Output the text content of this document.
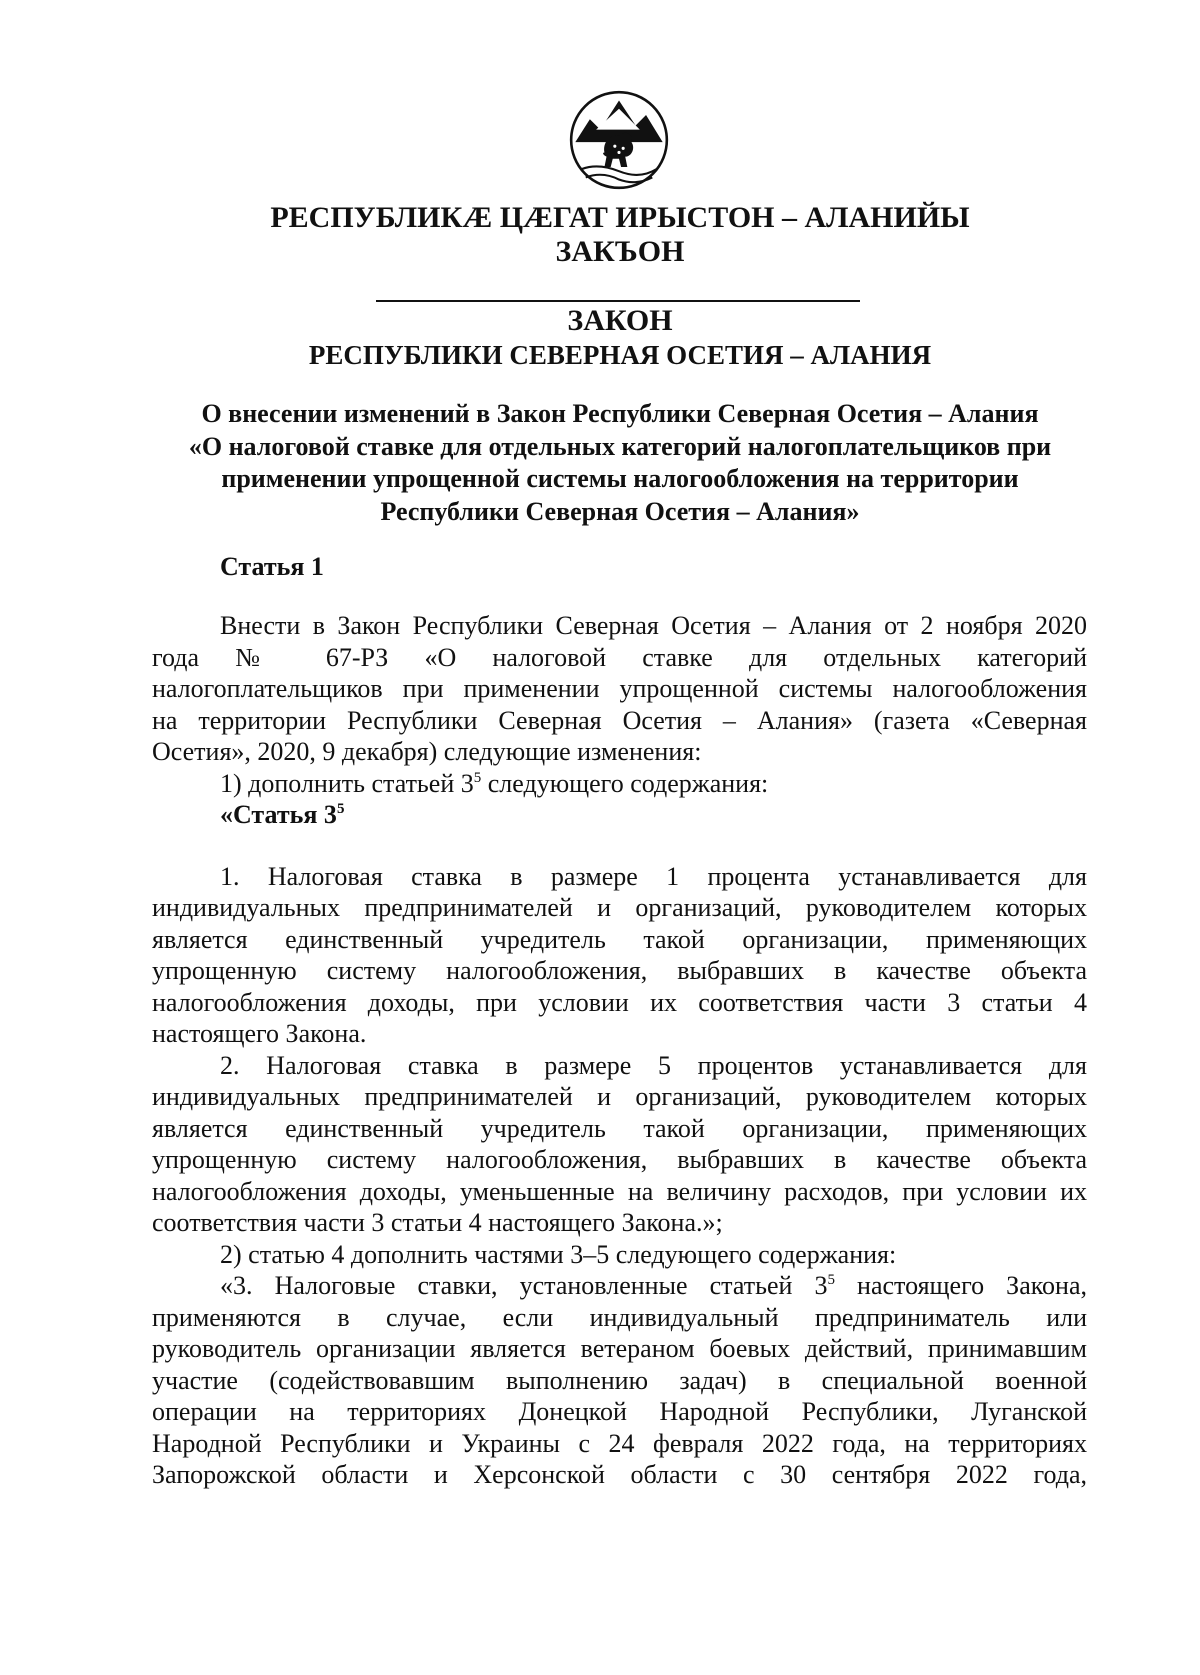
РЕСПУБЛИКӔ ЦӔГАТ ИРЫСТОН – АЛАНИЙЫ
ЗАКЪОН
ЗАКОН
РЕСПУБЛИКИ СЕВЕРНАЯ ОСЕТИЯ – АЛАНИЯ
О внесении изменений в Закон Республики Северная Осетия – Алания
«О налоговой ставке для отдельных категорий налогоплательщиков при
применении упрощенной системы налогообложения на территории
Республики Северная Осетия – Алания»
Статья 1
Внести в Закон Республики Северная Осетия – Алания от 2 ноября 2020
года № 67-РЗ «О налоговой ставке для отдельных категорий
налогоплательщиков при применении упрощенной системы налогообложения
на территории Республики Северная Осетия – Алания» (газета «Северная
Осетия», 2020, 9 декабря) следующие изменения:
1) дополнить статьей $3^5$ следующего содержания:
«Статья $3^5$
1. Налоговая ставка в размере 1 процента устанавливается для
индивидуальных предпринимателей и организаций, руководителем которых
является единственный учредитель такой организации, применяющих
упрощенную систему налогообложения, выбравших в качестве объекта
налогообложения доходы, при условии их соответствия части 3 статьи 4
настоящего Закона.
2. Налоговая ставка в размере 5 процентов устанавливается для
индивидуальных предпринимателей и организаций, руководителем которых
является единственный учредитель такой организации, применяющих
упрощенную систему налогообложения, выбравших в качестве объекта
налогообложения доходы, уменьшенные на величину расходов, при условии их
соответствия части 3 статьи 4 настоящего Закона.»;
2) статью 4 дополнить частями 3–5 следующего содержания:
«3. Налоговые ставки, установленные статьей $3^5$ настоящего Закона,
применяются в случае, если индивидуальный предприниматель или
руководитель организации является ветераном боевых действий, принимавшим
участие (содействовавшим выполнению задач) в специальной военной
операции на территориях Донецкой Народной Республики, Луганской
Народной Республики и Украины с 24 февраля 2022 года, на территориях
Запорожской области и Херсонской области с 30 сентября 2022 года,
